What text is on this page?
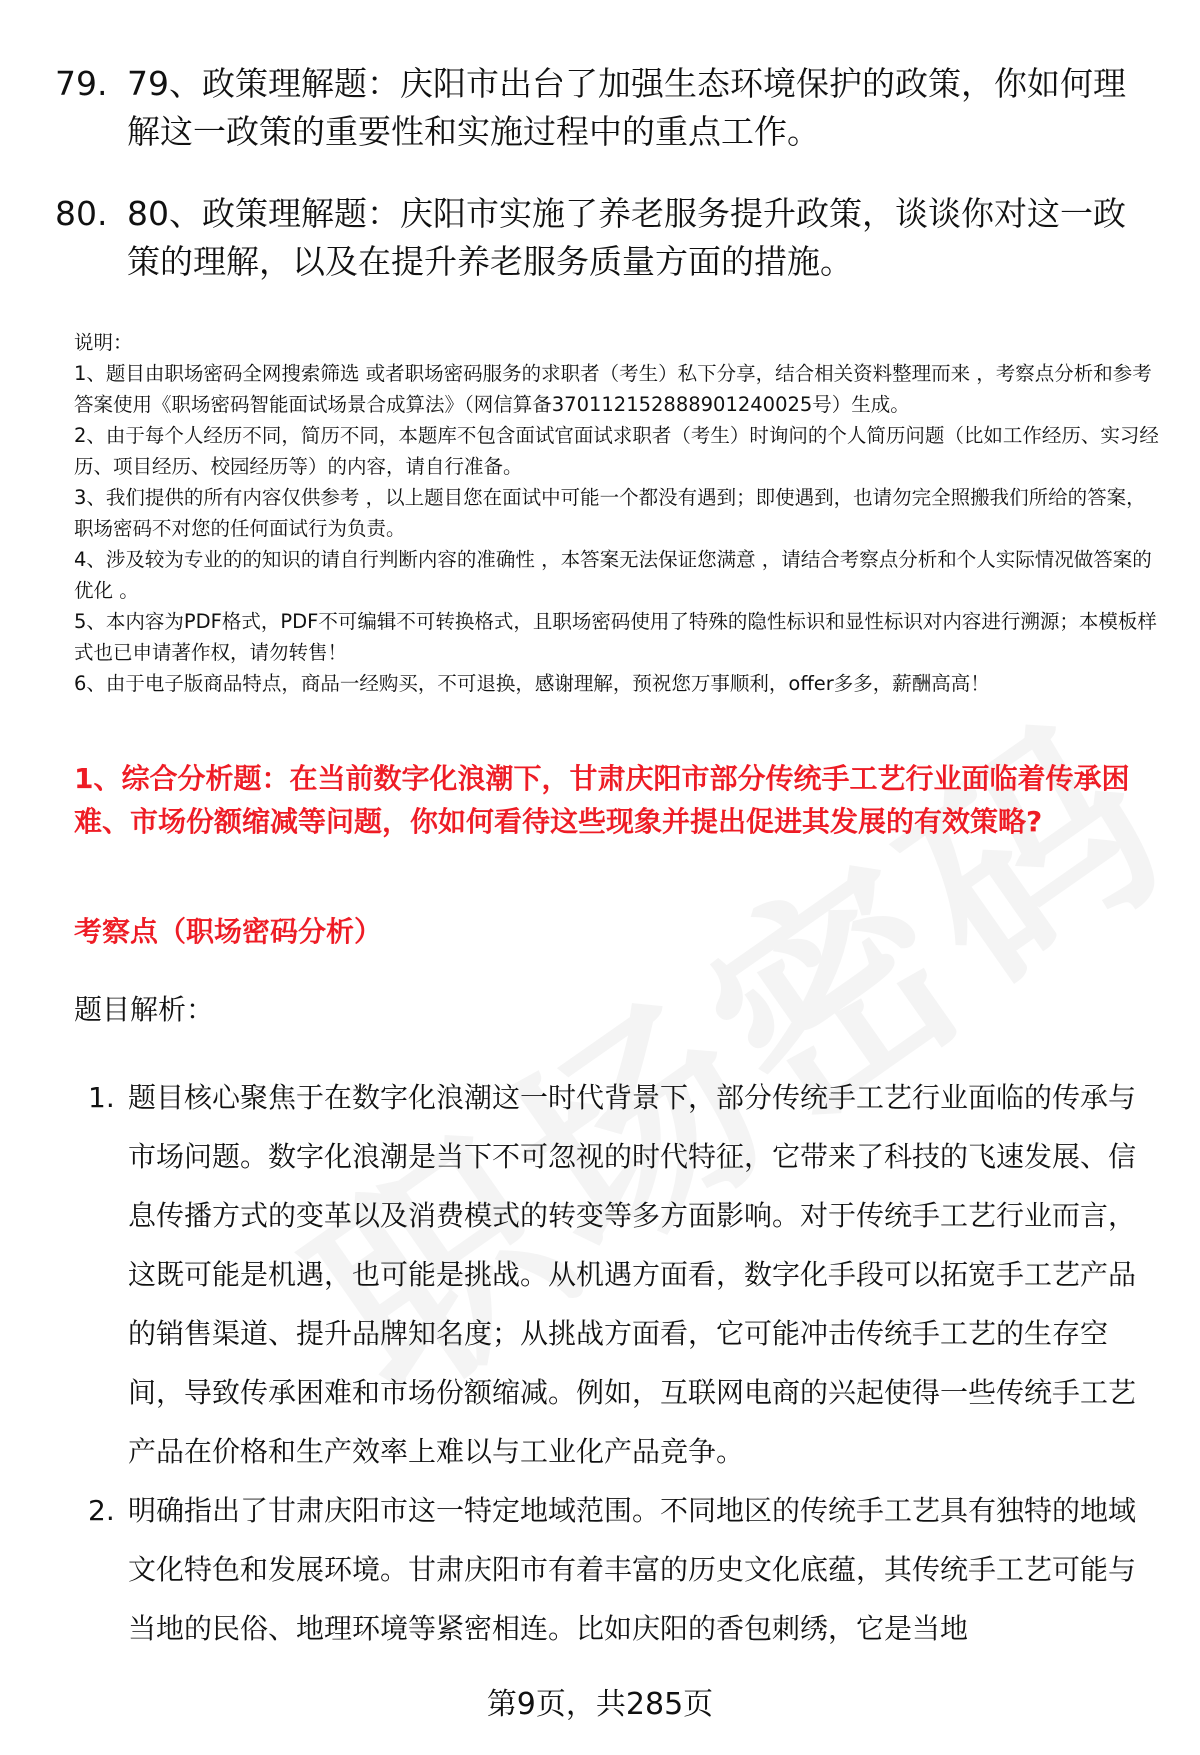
79. 79、政策理解题：庆阳市出台了加强生态环境保护的政策，你如何理解这一政策的重要性和实施过程中的重点工作。
80. 80、政策理解题：庆阳市实施了养老服务提升政策，谈谈你对这一政策的理解，以及在提升养老服务质量方面的措施。
说明：
1、题目由职场密码全网搜索筛选 或者职场密码服务的求职者（考生）私下分享，结合相关资料整理而来 ，考察点分析和参考答案使用《职场密码智能面试场景合成算法》（网信算备370112152888901240025号）生成。
2、由于每个人经历不同，简历不同，本题库不包含面试官面试求职者（考生）时询问的个人简历问题（比如工作经历、实习经历、项目经历、校园经历等）的内容，请自行准备。
3、我们提供的所有内容仅供参考 ，以上题目您在面试中可能一个都没有遇到；即使遇到，也请勿完全照搬我们所给的答案，职场密码不对您的任何面试行为负责。
4、涉及较为专业的的知识的请自行判断内容的准确性 ，本答案无法保证您满意 ，请结合考察点分析和个人实际情况做答案的优化 。
5、本内容为PDF格式，PDF不可编辑不可转换格式，且职场密码使用了特殊的隐性标识和显性标识对内容进行溯源；本模板样式也已申请著作权，请勿转售！
6、由于电子版商品特点，商品一经购买，不可退换，感谢理解，预祝您万事顺利，offer多多，薪酬高高！
1、综合分析题：在当前数字化浪潮下，甘肃庆阳市部分传统手工艺行业面临着传承困难、市场份额缩减等问题，你如何看待这些现象并提出促进其发展的有效策略?
考察点（职场密码分析）
题目解析：
1. 题目核心聚焦于在数字化浪潮这一时代背景下，部分传统手工艺行业面临的传承与市场问题。数字化浪潮是当下不可忽视的时代特征，它带来了科技的飞速发展、信息传播方式的变革以及消费模式的转变等多方面影响。对于传统手工艺行业而言，这既可能是机遇，也可能是挑战。从机遇方面看，数字化手段可以拓宽手工艺产品的销售渠道、提升品牌知名度；从挑战方面看，它可能冲击传统手工艺的生存空间，导致传承困难和市场份额缩减。例如，互联网电商的兴起使得一些传统手工艺产品在价格和生产效率上难以与工业化产品竞争。
2. 明确指出了甘肃庆阳市这一特定地域范围。不同地区的传统手工艺具有独特的地域文化特色和发展环境。甘肃庆阳市有着丰富的历史文化底蕴，其传统手工艺可能与当地的民俗、地理环境等紧密相连。比如庆阳的香包刺绣，它是当地
第9页，共285页
